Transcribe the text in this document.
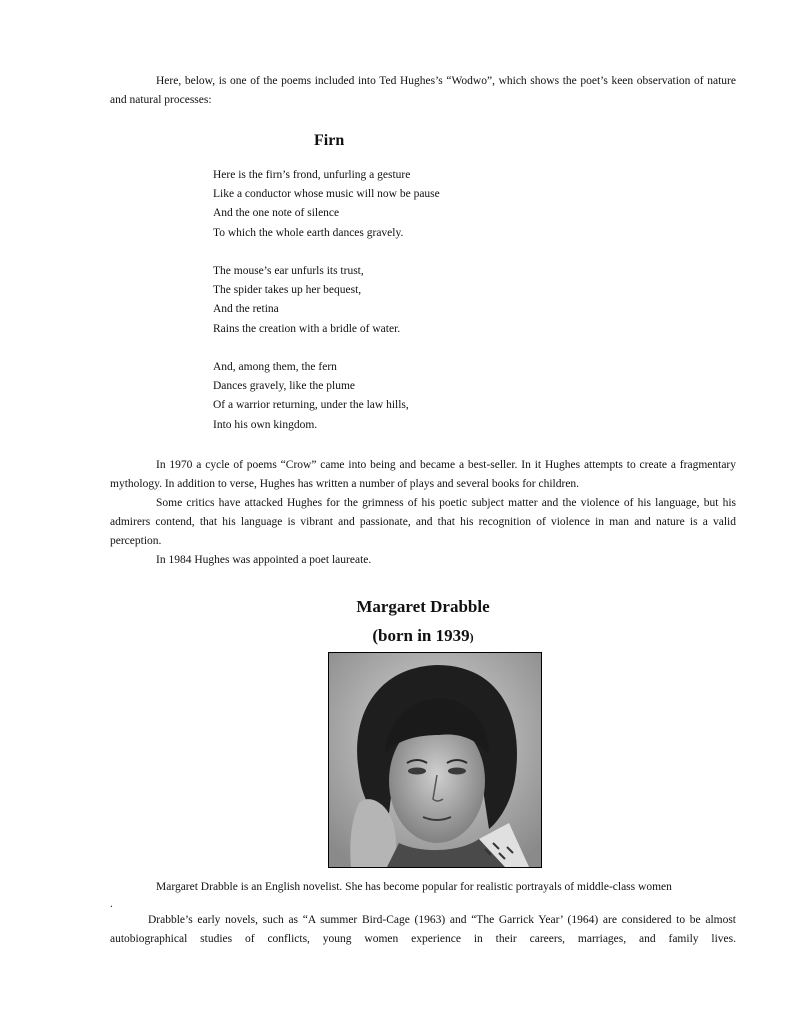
Here, below, is one of the poems included into Ted Hughes’s “Wodwo”, which shows the poet’s keen observation of nature and natural processes:

Firn
Here is the firn’s frond, unfurling a gesture
Like a conductor whose music will now be pause
And the one note of silence
To which the whole earth dances gravely.
The mouse’s ear unfurls its trust,
The spider takes up her bequest,
And the retina
Rains the creation with a bridle of water.
And, among them, the fern
Dances gravely, like the plume
Of a warrior returning, under the law hills,
Into his own kingdom.

In 1970 a cycle of poems “Crow” came into being and became a best-seller. In it Hughes attempts to create a fragmentary mythology. In addition to verse, Hughes has written a number of plays and several books for children.

Some critics have attacked Hughes for the grimness of his poetic subject matter and the violence of his language, but his admirers contend, that his language is vibrant and passionate, and that his recognition of violence in man and nature is a valid perception.

In 1984 Hughes was appointed a poet laureate.

Margaret Drabble
(born in 1939)

Margaret Drabble is an English novelist. She has become popular for realistic portrayals of middle-class women

.

Drabble’s early novels, such as “A summer Bird-Cage (1963) and “The Garrick Year’ (1964) are considered to be almost autobiographical studies of conflicts, young women experience in their careers, marriages, and family lives.
